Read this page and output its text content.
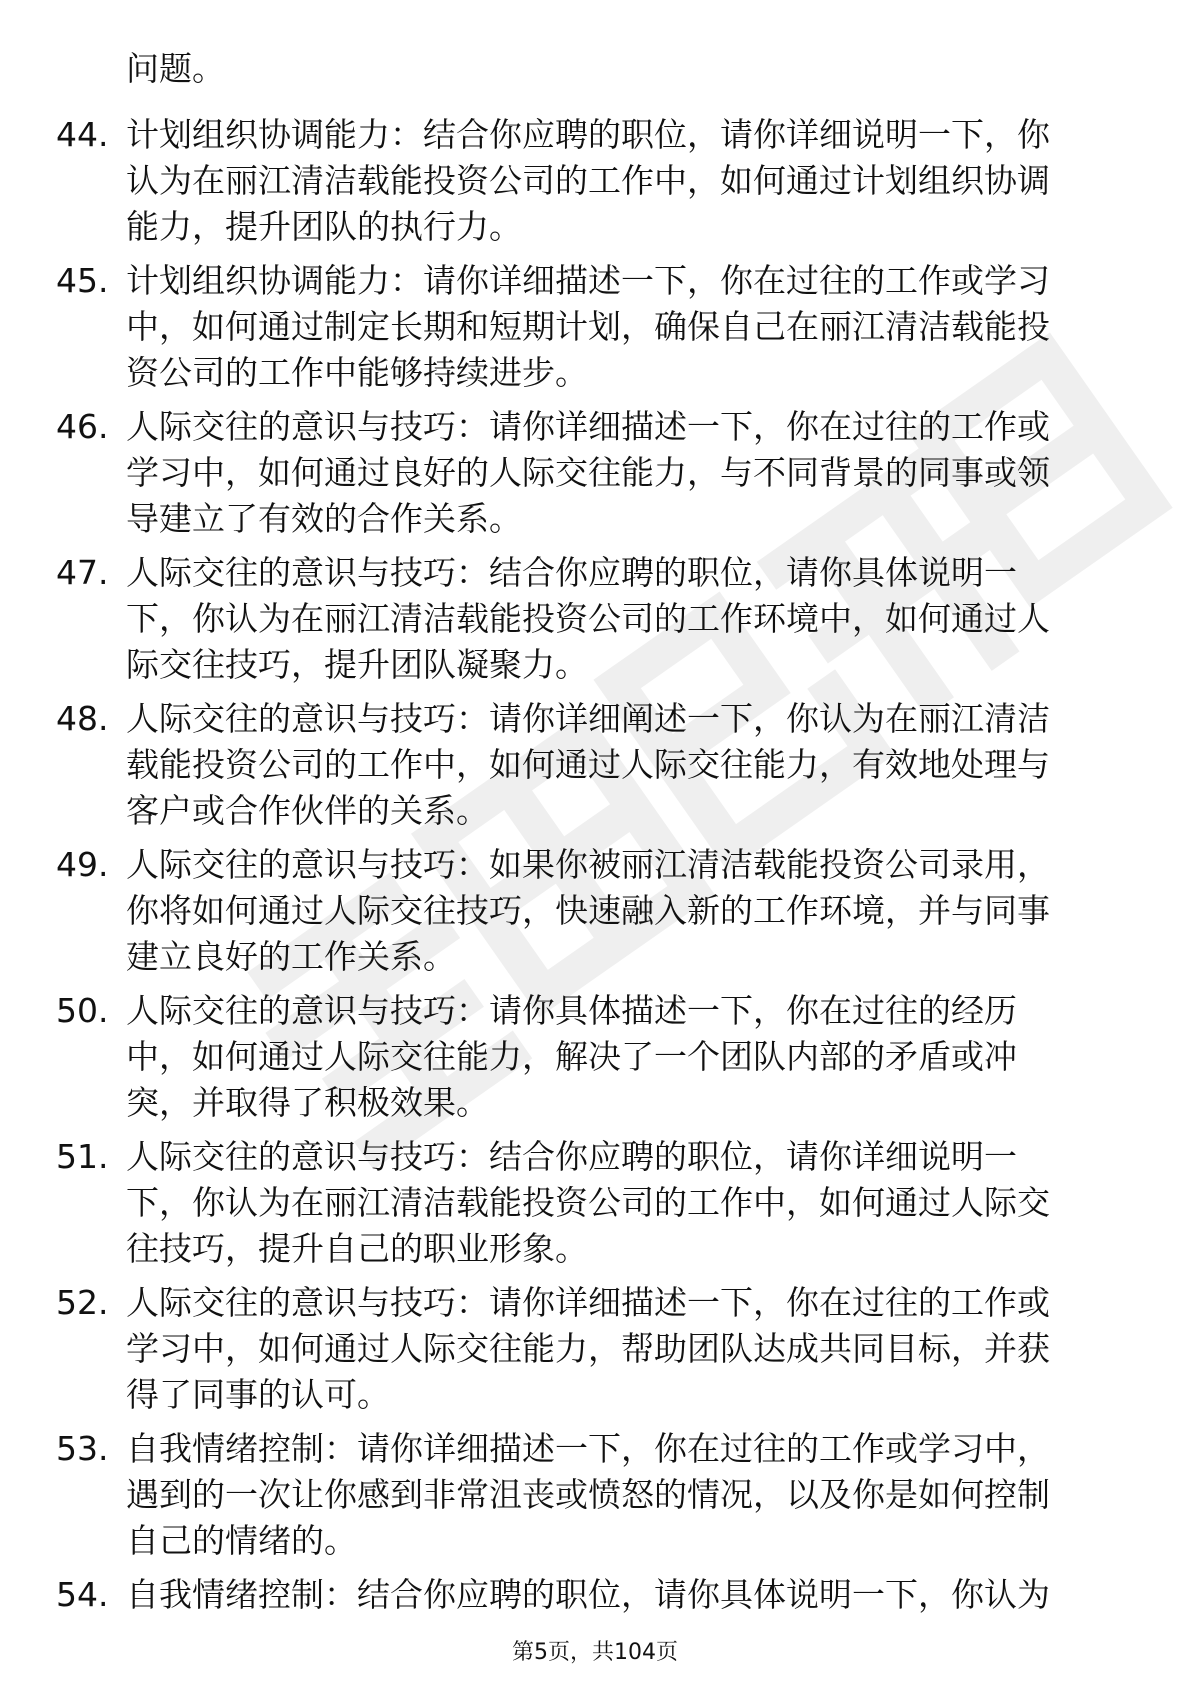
问题。
44. 计划组织协调能力：结合你应聘的职位，请你详细说明一下，你
认为在丽江清洁载能投资公司的工作中，如何通过计划组织协调
能力，提升团队的执行力。
45. 计划组织协调能力：请你详细描述一下，你在过往的工作或学习
中，如何通过制定长期和短期计划，确保自己在丽江清洁载能投
资公司的工作中能够持续进步。
46. 人际交往的意识与技巧：请你详细描述一下，你在过往的工作或
学习中，如何通过良好的人际交往能力，与不同背景的同事或领
导建立了有效的合作关系。
47. 人际交往的意识与技巧：结合你应聘的职位，请你具体说明一
下，你认为在丽江清洁载能投资公司的工作环境中，如何通过人
际交往技巧，提升团队凝聚力。
48. 人际交往的意识与技巧：请你详细阐述一下，你认为在丽江清洁
载能投资公司的工作中，如何通过人际交往能力，有效地处理与
客户或合作伙伴的关系。
49. 人际交往的意识与技巧：如果你被丽江清洁载能投资公司录用，
你将如何通过人际交往技巧，快速融入新的工作环境，并与同事
建立良好的工作关系。
50. 人际交往的意识与技巧：请你具体描述一下，你在过往的经历
中，如何通过人际交往能力，解决了一个团队内部的矛盾或冲
突，并取得了积极效果。
51. 人际交往的意识与技巧：结合你应聘的职位，请你详细说明一
下，你认为在丽江清洁载能投资公司的工作中，如何通过人际交
往技巧，提升自己的职业形象。
52. 人际交往的意识与技巧：请你详细描述一下，你在过往的工作或
学习中，如何通过人际交往能力，帮助团队达成共同目标，并获
得了同事的认可。
53. 自我情绪控制：请你详细描述一下，你在过往的工作或学习中，
遇到的一次让你感到非常沮丧或愤怒的情况，以及你是如何控制
自己的情绪的。
54. 自我情绪控制：结合你应聘的职位，请你具体说明一下，你认为
第5页，共104页
